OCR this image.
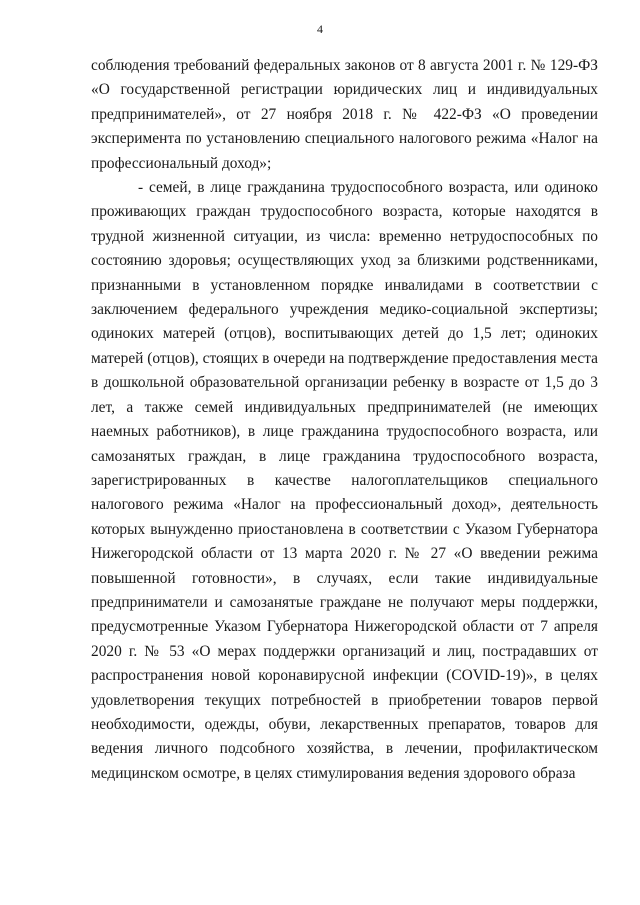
4

соблюдения требований федеральных законов от 8 августа 2001 г. № 129-ФЗ «О государственной регистрации юридических лиц и индивидуальных предпринимателей», от 27 ноября 2018 г. № 422-ФЗ «О проведении эксперимента по установлению специального налогового режима «Налог на профессиональный доход»;

- семей, в лице гражданина трудоспособного возраста, или одиноко проживающих граждан трудоспособного возраста, которые находятся в трудной жизненной ситуации, из числа: временно нетрудоспособных по состоянию здоровья; осуществляющих уход за близкими родственниками, признанными в установленном порядке инвалидами в соответствии с заключением федерального учреждения медико-социальной экспертизы; одиноких матерей (отцов), воспитывающих детей до 1,5 лет; одиноких матерей (отцов), стоящих в очереди на подтверждение предоставления места в дошкольной образовательной организации ребенку в возрасте от 1,5 до 3 лет, а также семей индивидуальных предпринимателей (не имеющих наемных работников), в лице гражданина трудоспособного возраста, или самозанятых граждан, в лице гражданина трудоспособного возраста, зарегистрированных в качестве налогоплательщиков специального налогового режима «Налог на профессиональный доход», деятельность которых вынужденно приостановлена в соответствии с Указом Губернатора Нижегородской области от 13 марта 2020 г. № 27 «О введении режима повышенной готовности», в случаях, если такие индивидуальные предприниматели и самозанятые граждане не получают меры поддержки, предусмотренные Указом Губернатора Нижегородской области от 7 апреля 2020 г. № 53 «О мерах поддержки организаций и лиц, пострадавших от распространения новой коронавирусной инфекции (COVID-19)», в целях удовлетворения текущих потребностей в приобретении товаров первой необходимости, одежды, обуви, лекарственных препаратов, товаров для ведения личного подсобного хозяйства, в лечении, профилактическом медицинском осмотре, в целях стимулирования ведения здорового образа
